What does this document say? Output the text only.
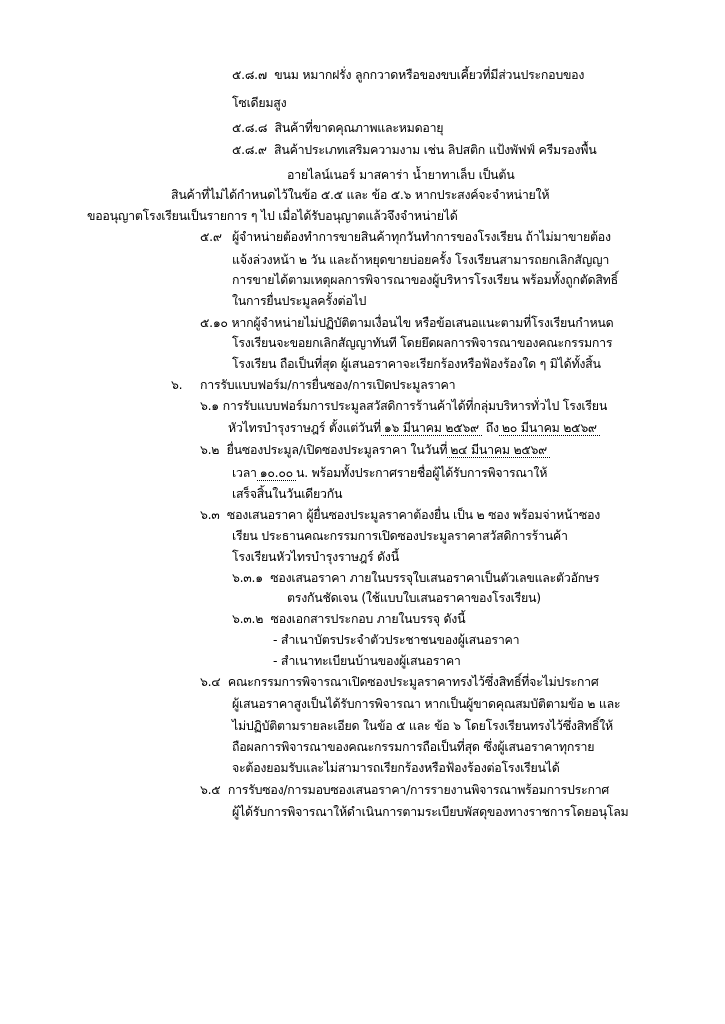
๕.๘.๗ ขนม หมากฝรั่ง ลูกกวาดหรือของขบเคี้ยวที่มีส่วนประกอบของ
โซเดียมสูง
๕.๘.๘ สินค้าที่ขาดคุณภาพและหมดอายุ
๕.๘.๙ สินค้าประเภทเสริมความงาม เช่น ลิปสติก แป้งพัฟฟ์ ครีมรองพื้น
อายไลน์เนอร์ มาสคาร่า น้ำยาทาเล็บ เป็นต้น
สินค้าที่ไม่ได้กำหนดไว้ในข้อ ๕.๕ และ ข้อ ๕.๖ หากประสงค์จะจำหน่ายให้
ขออนุญาตโรงเรียนเป็นรายการ ๆ ไป เมื่อได้รับอนุญาตแล้วจึงจำหน่ายได้
๕.๙ ผู้จำหน่ายต้องทำการขายสินค้าทุกวันทำการของโรงเรียน ถ้าไม่มาขายต้อง
แจ้งล่วงหน้า ๒ วัน และถ้าหยุดขายบ่อยครั้ง โรงเรียนสามารถยกเลิกสัญญา
การขายได้ตามเหตุผลการพิจารณาของผู้บริหารโรงเรียน พร้อมทั้งถูกตัดสิทธิ์
ในการยื่นประมูลครั้งต่อไป
๕.๑๐ หากผู้จำหน่ายไม่ปฏิบัติตามเงื่อนไข หรือข้อเสนอแนะตามที่โรงเรียนกำหนด
โรงเรียนจะขอยกเลิกสัญญาทันที โดยยึดผลการพิจารณาของคณะกรรมการ
โรงเรียน ถือเป็นที่สุด ผู้เสนอราคาจะเรียกร้องหรือฟ้องร้องใด ๆ มิได้ทั้งสิ้น
๖. การรับแบบฟอร์ม/การยื่นซอง/การเปิดประมูลราคา
๖.๑ การรับแบบฟอร์มการประมูลสวัสดิการร้านค้าได้ที่กลุ่มบริหารทั่วไป โรงเรียน
หัวไทรบำรุงราษฎร์ ตั้งแต่วันที่ ๑๖ มีนาคม ๒๕๖๙ ถึง ๒๐ มีนาคม ๒๕๖๙
๖.๒ ยื่นซองประมูล/เปิดซองประมูลราคา ในวันที่ ๒๔ มีนาคม ๒๕๖๙
เวลา ๑๐.๐๐ น. พร้อมทั้งประกาศรายชื่อผู้ได้รับการพิจารณาให้
เสร็จสิ้นในวันเดียวกัน
๖.๓ ซองเสนอราคา ผู้ยื่นซองประมูลราคาต้องยื่น เป็น ๒ ซอง พร้อมจ่าหน้าซอง
เรียน ประธานคณะกรรมการเปิดซองประมูลราคาสวัสดิการร้านค้า
โรงเรียนหัวไทรบำรุงราษฎร์ ดังนี้
๖.๓.๑ ซองเสนอราคา ภายในบรรจุใบเสนอราคาเป็นตัวเลขและตัวอักษร
ตรงกันชัดเจน (ใช้แบบใบเสนอราคาของโรงเรียน)
๖.๓.๒ ซองเอกสารประกอบ ภายในบรรจุ ดังนี้
- สำเนาบัตรประจำตัวประชาชนของผู้เสนอราคา
- สำเนาทะเบียนบ้านของผู้เสนอราคา
๖.๔ คณะกรรมการพิจารณาเปิดซองประมูลราคาทรงไว้ซึ่งสิทธิ์ที่จะไม่ประกาศ
ผู้เสนอราคาสูงเป็นได้รับการพิจารณา หากเป็นผู้ขาดคุณสมบัติตามข้อ ๒ และ
ไม่ปฏิบัติตามรายละเอียด ในข้อ ๕ และ ข้อ ๖ โดยโรงเรียนทรงไว้ซึ่งสิทธิ์ให้
ถือผลการพิจารณาของคณะกรรมการถือเป็นที่สุด ซึ่งผู้เสนอราคาทุกราย
จะต้องยอมรับและไม่สามารถเรียกร้องหรือฟ้องร้องต่อโรงเรียนได้
๖.๕ การรับซอง/การมอบซองเสนอราคา/การรายงานพิจารณาพร้อมการประกาศ
ผู้ได้รับการพิจารณาให้ดำเนินการตามระเบียบพัสดุของทางราชการโดยอนุโลม
